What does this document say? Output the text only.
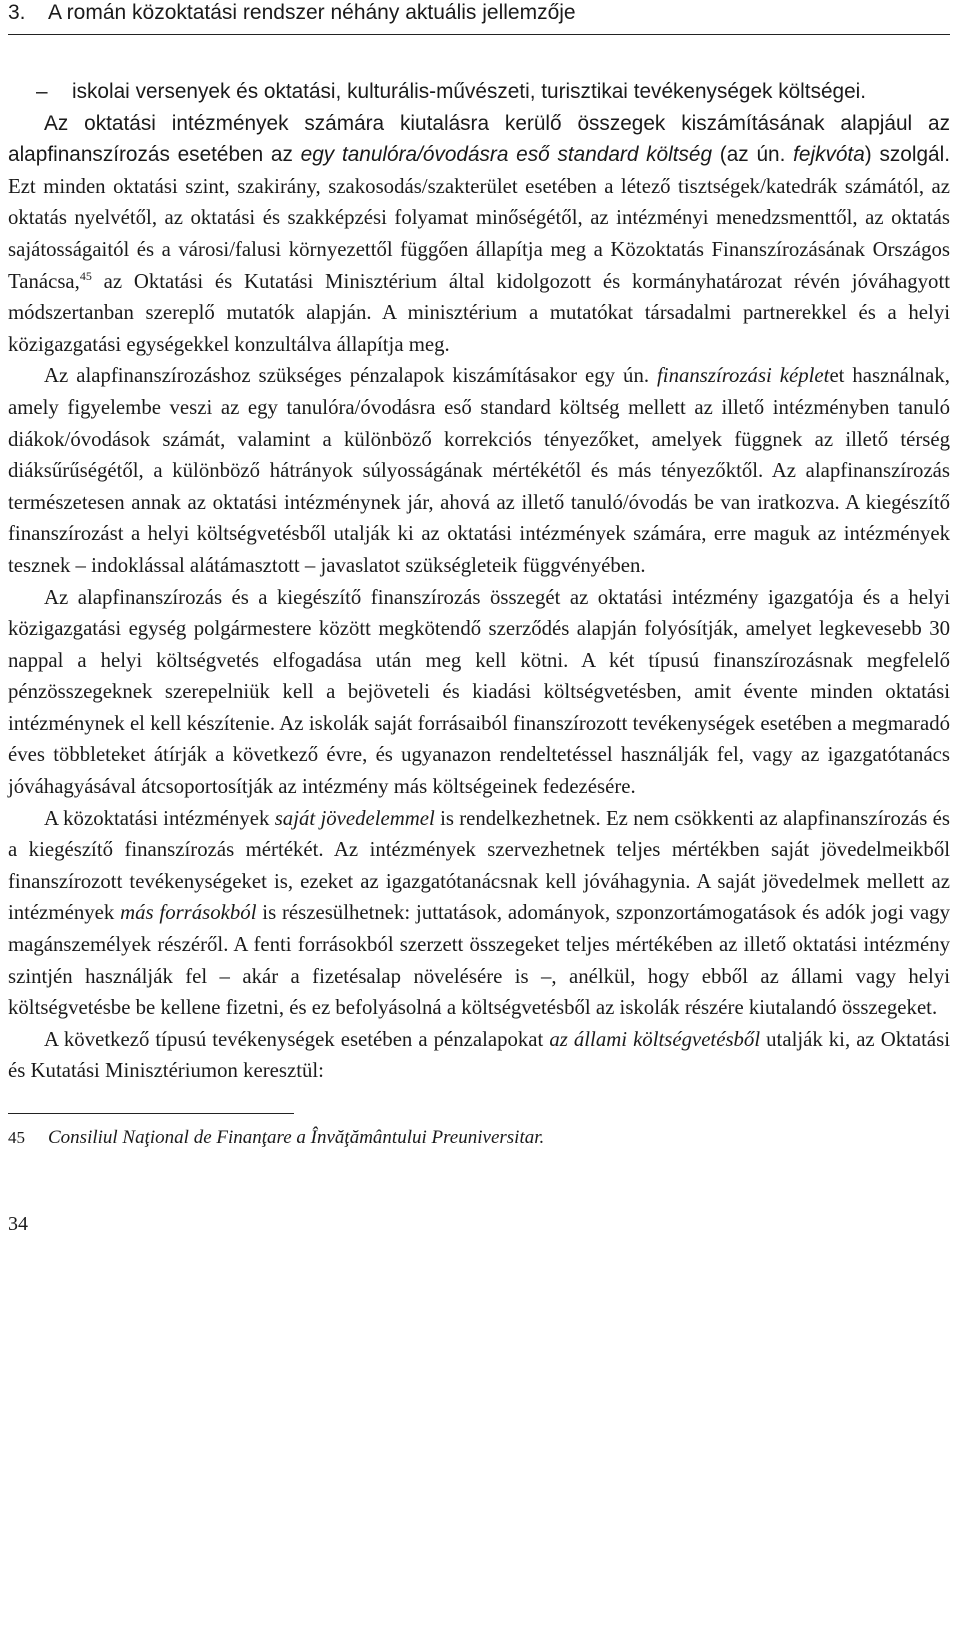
3. A román közoktatási rendszer néhány aktuális jellemzője

– iskolai versenyek és oktatási, kulturális-művészeti, turisztikai tevékenységek költségei.

Az oktatási intézmények számára kiutalásra kerülő összegek kiszámításának alapjául az alapfinanszírozás esetében az egy tanulóra/óvodásra eső standard költség (az ún. fejkvóta) szolgál. Ezt minden oktatási szint, szakirány, szakosodás/szakterület esetében a létező tisztségek/katedrák számától, az oktatás nyelvétől, az oktatási és szakképzési folyamat minőségétől, az intézményi menedzsmenttől, az oktatás sajátosságaitól és a városi/falusi környezettől függően állapítja meg a Közoktatás Finanszírozásának Országos Tanácsa,$^{45}$ az Oktatási és Kutatási Minisztérium által kidolgozott és kormányhatározat révén jóváhagyott módszertanban szereplő mutatók alapján. A minisztérium a mutatókat társadalmi partnerekkel és a helyi közigazgatási egységekkel konzultálva állapítja meg.

Az alapfinanszírozáshoz szükséges pénzalapok kiszámításakor egy ún. finanszírozási képletet használnak, amely figyelembe veszi az egy tanulóra/óvodásra eső standard költség mellett az illető intézményben tanuló diákok/óvodások számát, valamint a különböző korrekciós tényezőket, amelyek függnek az illető térség diáksűrűségétől, a különböző hátrányok súlyosságának mértékétől és más tényezőktől. Az alapfinanszírozás természetesen annak az oktatási intézménynek jár, ahová az illető tanuló/óvodás be van iratkozva. A kiegészítő finanszírozást a helyi költségvetésből utalják ki az oktatási intézmények számára, erre maguk az intézmények tesznek – indoklással alátámasztott – javaslatot szükségleteik függvényében.

Az alapfinanszírozás és a kiegészítő finanszírozás összegét az oktatási intézmény igazgatója és a helyi közigazgatási egység polgármestere között megkötendő szerződés alapján folyósítják, amelyet legkevesebb 30 nappal a helyi költségvetés elfogadása után meg kell kötni. A két típusú finanszírozásnak megfelelő pénzösszegeknek szerepelniük kell a bejöveteli és kiadási költségvetésben, amit évente minden oktatási intézménynek el kell készítenie. Az iskolák saját forrásaiból finanszírozott tevékenységek esetében a megmaradó éves többleteket átírják a következő évre, és ugyanazon rendeltetéssel használják fel, vagy az igazgatótanács jóváhagyásával átcsoportosítják az intézmény más költségeinek fedezésére.

A közoktatási intézmények saját jövedelemmel is rendelkezhetnek. Ez nem csökkenti az alapfinanszírozás és a kiegészítő finanszírozás mértékét. Az intézmények szervezhetnek teljes mértékben saját jövedelmeikből finanszírozott tevékenységeket is, ezeket az igazgatótanácsnak kell jóváhagynia. A saját jövedelmek mellett az intézmények más forrásokból is részesülhetnek: juttatások, adományok, szponzortámogatások és adók jogi vagy magánszemélyek részéről. A fenti forrásokból szerzett összegeket teljes mértékében az illető oktatási intézmény szintjén használják fel – akár a fizetésalap növelésére is –, anélkül, hogy ebből az állami vagy helyi költségvetésbe be kellene fizetni, és ez befolyásolná a költségvetésből az iskolák részére kiutalandó összegeket.

A következő típusú tevékenységek esetében a pénzalapokat az állami költségvetésből utalják ki, az Oktatási és Kutatási Minisztériumon keresztül:

45 Consiliul Naţional de Finanţare a Învăţământului Preuniversitar.
34
